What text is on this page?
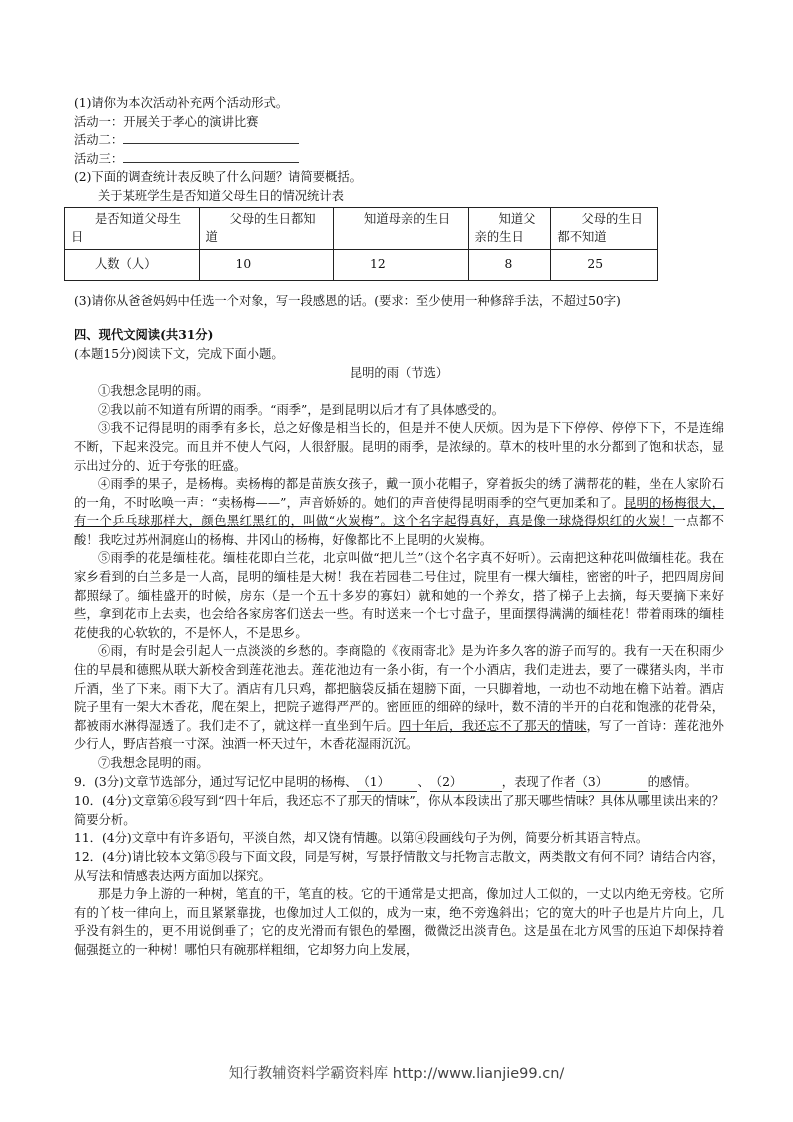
(1)请你为本次活动补充两个活动形式。
活动一：开展关于孝心的演讲比赛
活动二：
活动三：
(2)下面的调查统计表反映了什么问题？请简要概括。
关于某班学生是否知道父母生日的情况统计表
是否知道父母生日	父母的生日都知道	知道母亲的生日	知道父亲的生日	父母的生日都不知道
人数（人）	10	12	8	25
(3)请你从爸爸妈妈中任选一个对象，写一段感恩的话。(要求：至少使用一种修辞手法，不超过50字)
四、现代文阅读(共31分)
(本题15分)阅读下文，完成下面小题。
昆明的雨（节选）
①我想念昆明的雨。
②我以前不知道有所谓的雨季。“雨季”，是到昆明以后才有了具体感受的。
③我不记得昆明的雨季有多长，总之好像是相当长的，但是并不使人厌烦。因为是下下停停、停停下下，不是连绵不断，下起来没完。而且并不使人气闷，人很舒服。昆明的雨季，是浓绿的。草木的枝叶里的水分都到了饱和状态，显示出过分的、近于夸张的旺盛。
④雨季的果子，是杨梅。卖杨梅的都是苗族女孩子，戴一顶小花帽子，穿着扳尖的绣了满帮花的鞋，坐在人家阶石的一角，不时吆唤一声：“卖杨梅——”，声音娇娇的。她们的声音使得昆明雨季的空气更加柔和了。昆明的杨梅很大，有一个乒乓球那样大，颜色黑红黑红的，叫做“火炭梅”。这个名字起得真好，真是像一球烧得炽红的火炭！一点都不酸！我吃过苏州洞庭山的杨梅、井冈山的杨梅，好像都比不上昆明的火炭梅。
⑤雨季的花是缅桂花。缅桂花即白兰花，北京叫做“把儿兰”（这个名字真不好听）。云南把这种花叫做缅桂花。我在家乡看到的白兰多是一人高，昆明的缅桂是大树！我在若园巷二号住过，院里有一棵大缅桂，密密的叶子，把四周房间都照绿了。缅桂盛开的时候，房东（是一个五十多岁的寡妇）就和她的一个养女，搭了梯子上去摘，每天要摘下来好些，拿到花市上去卖，也会给各家房客们送去一些。有时送来一个七寸盘子，里面摆得满满的缅桂花！带着雨珠的缅桂花使我的心软软的，不是怀人，不是思乡。
⑥雨，有时是会引起人一点淡淡的乡愁的。李商隐的《夜雨寄北》是为许多久客的游子而写的。我有一天在积雨少住的早晨和德熙从联大新校舍到莲花池去。莲花池边有一条小街，有一个小酒店，我们走进去，要了一碟猪头肉，半市斤酒，坐了下来。雨下大了。酒店有几只鸡，都把脑袋反插在翅膀下面，一只脚着地，一动也不动地在檐下站着。酒店院子里有一架大木香花，爬在架上，把院子遮得严严的。密匝匝的细碎的绿叶，数不清的半开的白花和饱涨的花骨朵，都被雨水淋得湿透了。我们走不了，就这样一直坐到午后。四十年后，我还忘不了那天的情味，写了一首诗：莲花池外少行人，野店苔痕一寸深。浊酒一杯天过午，木香花湿雨沉沉。
⑦我想念昆明的雨。
9．(3分)文章节选部分，通过写记忆中昆明的杨梅、（1） 、（2）	，表现了作者（3）	的感情。
10．(4分)文章第⑥段写到“四十年后，我还忘不了那天的情味”，你从本段读出了那天哪些情味？具体从哪里读出来的？简要分析。
11．(4分)文章中有许多语句，平淡自然，却又饶有情趣。以第④段画线句子为例，简要分析其语言特点。
12．(4分)请比较本文第⑤段与下面文段，同是写树，写景抒情散文与托物言志散文，两类散文有何不同？请结合内容，从写法和情感表达两方面加以探究。
那是力争上游的一种树，笔直的干，笔直的枝。它的干通常是丈把高，像加过人工似的，一丈以内绝无旁枝。它所有的丫枝一律向上，而且紧紧靠拢，也像加过人工似的，成为一束，绝不旁逸斜出；它的宽大的叶子也是片片向上，几乎没有斜生的，更不用说倒垂了；它的皮光滑而有银色的晕圈，微微泛出淡青色。这是虽在北方风雪的压迫下却保持着倔强挺立的一种树！哪怕只有碗那样粗细，它却努力向上发展，
知行教辅资料学霸资料库 http://www.lianjie99.cn/
